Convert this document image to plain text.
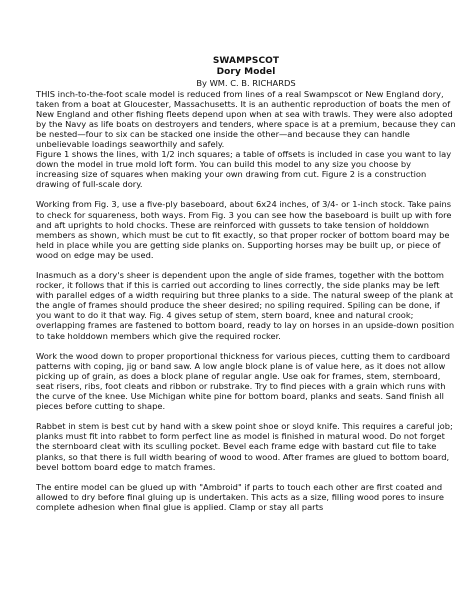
SWAMPSCOT
Dory Model
By WM. C. B. RICHARDS

THIS inch-to-the-foot scale model is reduced from lines of a real Swampscot or New England dory, taken from a boat at Gloucester, Massachusetts. It is an authentic reproduction of boats the men of New England and other fishing fleets depend upon when at sea with trawls. They were also adopted by the Navy as life boats on destroyers and tenders, where space is at a premium, because they can be nested—four to six can be stacked one inside the other—and because they can handle unbelievable loadings seaworthily and safely.

Figure 1 shows the lines, with 1/2 inch squares; a table of offsets is included in case you want to lay down the model in true mold loft form. You can build this model to any size you choose by increasing size of squares when making your own drawing from cut. Figure 2 is a construction drawing of full-scale dory.

Working from Fig. 3, use a five-ply baseboard, about 6x24 inches, of 3/4- or 1-inch stock. Take pains to check for squareness, both ways. From Fig. 3 you can see how the baseboard is built up with fore and aft uprights to hold chocks. These are reinforced with gussets to take tension of holddown members as shown, which must be cut to fit exactly, so that proper rocker of bottom board may be held in place while you are getting side planks on. Supporting horses may be built up, or piece of wood on edge may be used.

Inasmuch as a dory's sheer is dependent upon the angle of side frames, together with the bottom rocker, it follows that if this is carried out according to lines correctly, the side planks may be left with parallel edges of a width requiring but three planks to a side. The natural sweep of the plank at the angle of frames should produce the sheer desired; no spiling required. Spiling can be done, if you want to do it that way. Fig. 4 gives setup of stem, stern board, knee and natural crook; overlapping frames are fastened to bottom board, ready to lay on horses in an upside-down position to take holddown members which give the required rocker.

Work the wood down to proper proportional thickness for various pieces, cutting them to cardboard patterns with coping, jig or band saw. A low angle block plane is of value here, as it does not allow picking up of grain, as does a block plane of regular angle. Use oak for frames, stem, sternboard, seat risers, ribs, foot cleats and ribbon or rubstrake. Try to find pieces with a grain which runs with the curve of the knee. Use Michigan white pine for bottom board, planks and seats. Sand finish all pieces before cutting to shape.

Rabbet in stem is best cut by hand with a skew point shoe or sloyd knife. This requires a careful job; planks must fit into rabbet to form perfect line as model is finished in matural wood. Do not forget the sternboard cleat with its sculling pocket. Bevel each frame edge with bastard cut file to take planks, so that there is full width bearing of wood to wood. After frames are glued to bottom board, bevel bottom board edge to match frames.

The entire model can be glued up with "Ambroid" if parts to touch each other are first coated and allowed to dry before final gluing up is undertaken. This acts as a size, filling wood pores to insure complete adhesion when final glue is applied. Clamp or stay all parts
